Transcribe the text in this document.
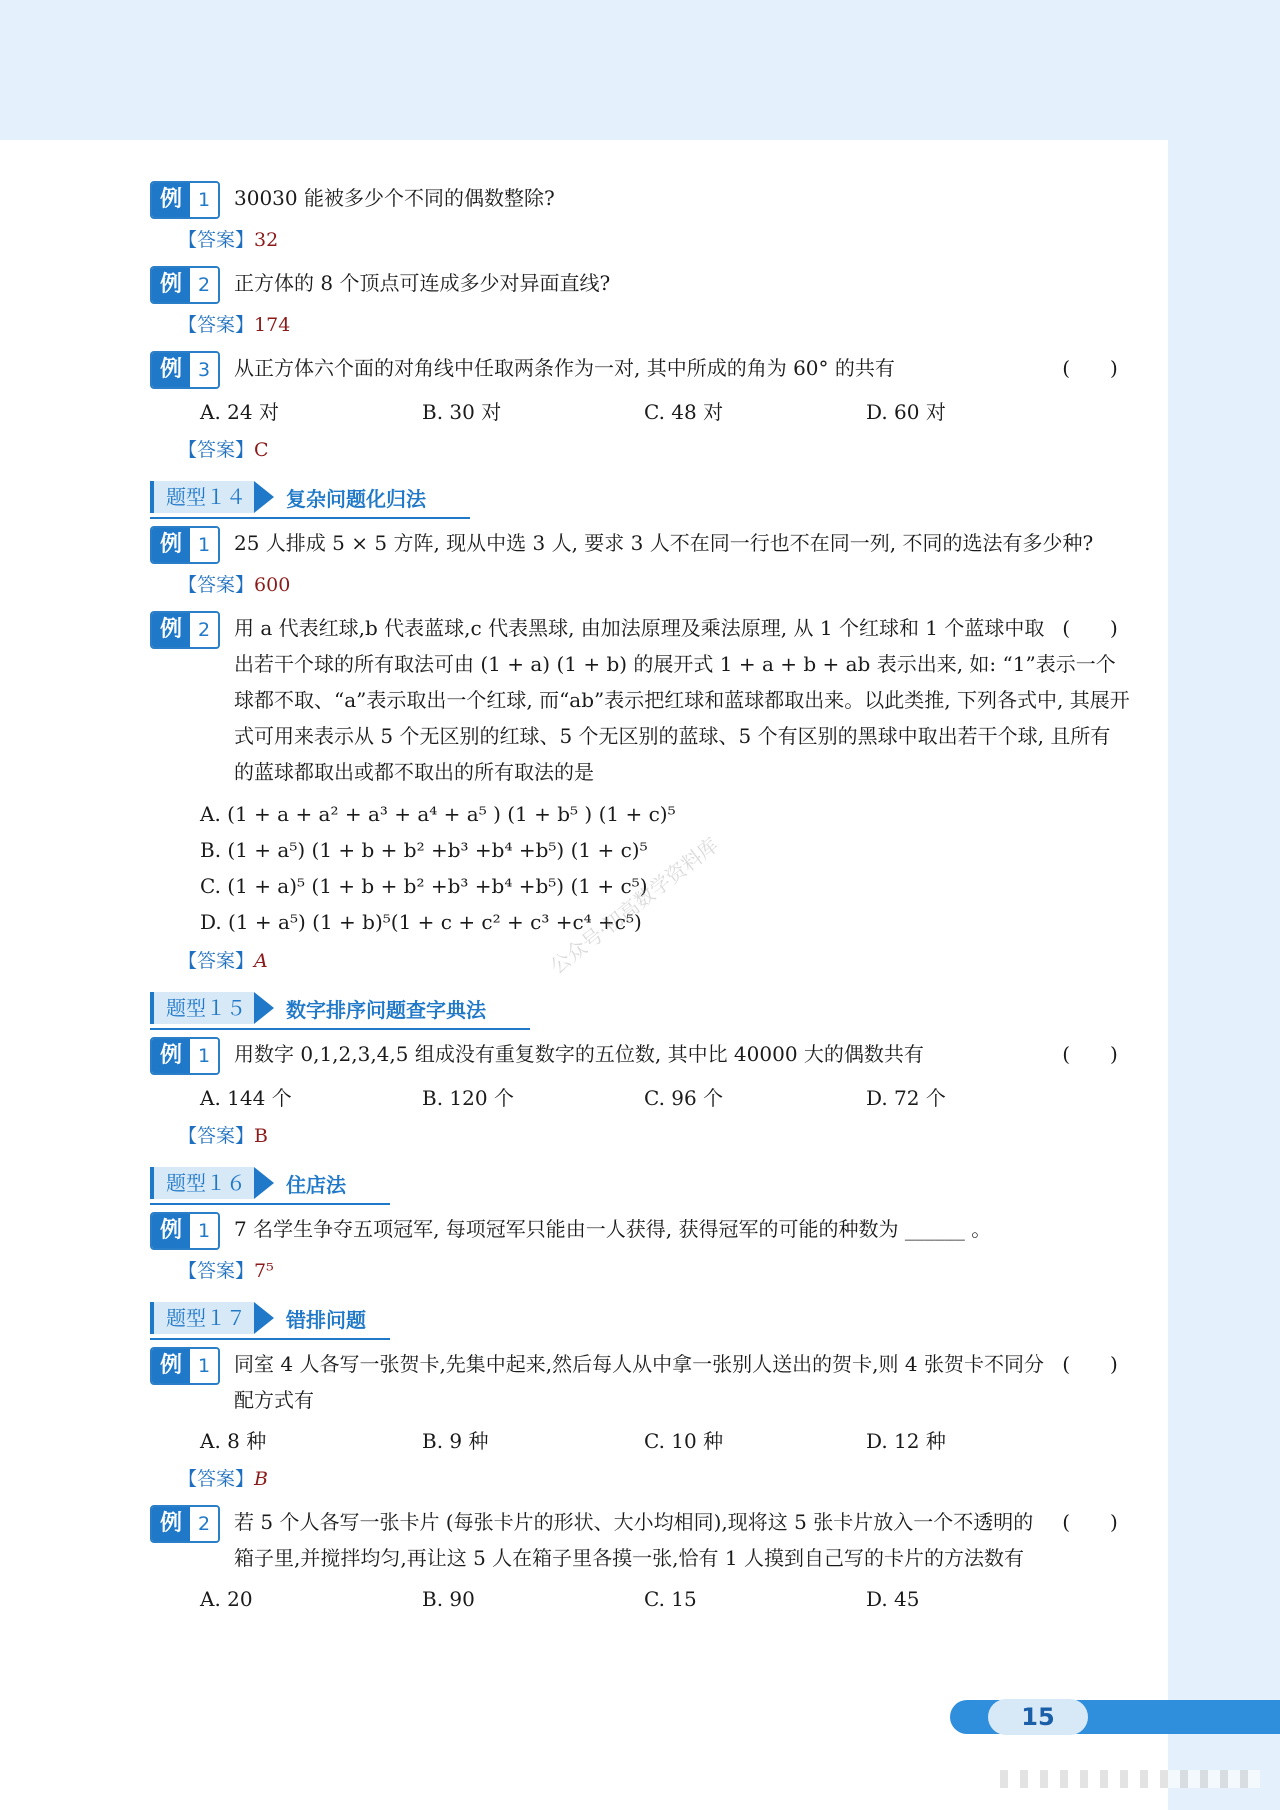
例 1	30030 能被多少个不同的偶数整除?
【答案】32
例 2	正方体的 8 个顶点可连成多少对异面直线?
【答案】174
例 3	(　　)
从正方体六个面的对角线中任取两条作为一对, 其中所成的角为 60° 的共有
A. 24 对	B. 30 对	C. 48 对	D. 60 对
【答案】C
题型１４	复杂问题化归法
例 1	25 人排成 5 × 5 方阵, 现从中选 3 人, 要求 3 人不在同一行也不在同一列, 不同的选法有多少种?
【答案】600
例 2	(　　)
用 a 代表红球,b 代表蓝球,c 代表黑球, 由加法原理及乘法原理, 从 1 个红球和 1 个蓝球中取出若干个球的所有取法可由 (1 + a) (1 + b) 的展开式 1 + a + b + ab 表示出来, 如: “1”表示一个球都不取、“a”表示取出一个红球, 而“ab”表示把红球和蓝球都取出来。以此类推, 下列各式中, 其展开式可用来表示从 5 个无区别的红球、5 个无区别的蓝球、5 个有区别的黑球中取出若干个球, 且所有的蓝球都取出或都不取出的所有取法的是
A. (1 + a + a² + a³ + a⁴ + a⁵ ) (1 + b⁵ ) (1 + c)⁵
B. (1 + a⁵) (1 + b + b² +b³ +b⁴ +b⁵) (1 + c)⁵
C. (1 + a)⁵ (1 + b + b² +b³ +b⁴ +b⁵) (1 + c⁵)
D. (1 + a⁵) (1 + b)⁵(1 + c + c² + c³ +c⁴ +c⁵)
【答案】A
题型１５	数字排序问题查字典法
例 1	(　　)
用数字 0,1,2,3,4,5 组成没有重复数字的五位数, 其中比 40000 大的偶数共有
A. 144 个	B. 120 个	C. 96 个	D. 72 个
【答案】B
题型１６	住店法
例 1	7 名学生争夺五项冠军, 每项冠军只能由一人获得, 获得冠军的可能的种数为 ______ 。
【答案】7⁵
题型１７	错排问题
例 1	(　　)
同室 4 人各写一张贺卡,先集中起来,然后每人从中拿一张别人送出的贺卡,则 4 张贺卡不同分配方式有
A. 8 种	B. 9 种	C. 10 种	D. 12 种
【答案】B
例 2	(　　)
若 5 个人各写一张卡片 (每张卡片的形状、大小均相同),现将这 5 张卡片放入一个不透明的箱子里,并搅拌均匀,再让这 5 人在箱子里各摸一张,恰有 1 人摸到自己写的卡片的方法数有
A. 20	B. 90	C. 15	D. 45
公众号·初高数学资料库
15
